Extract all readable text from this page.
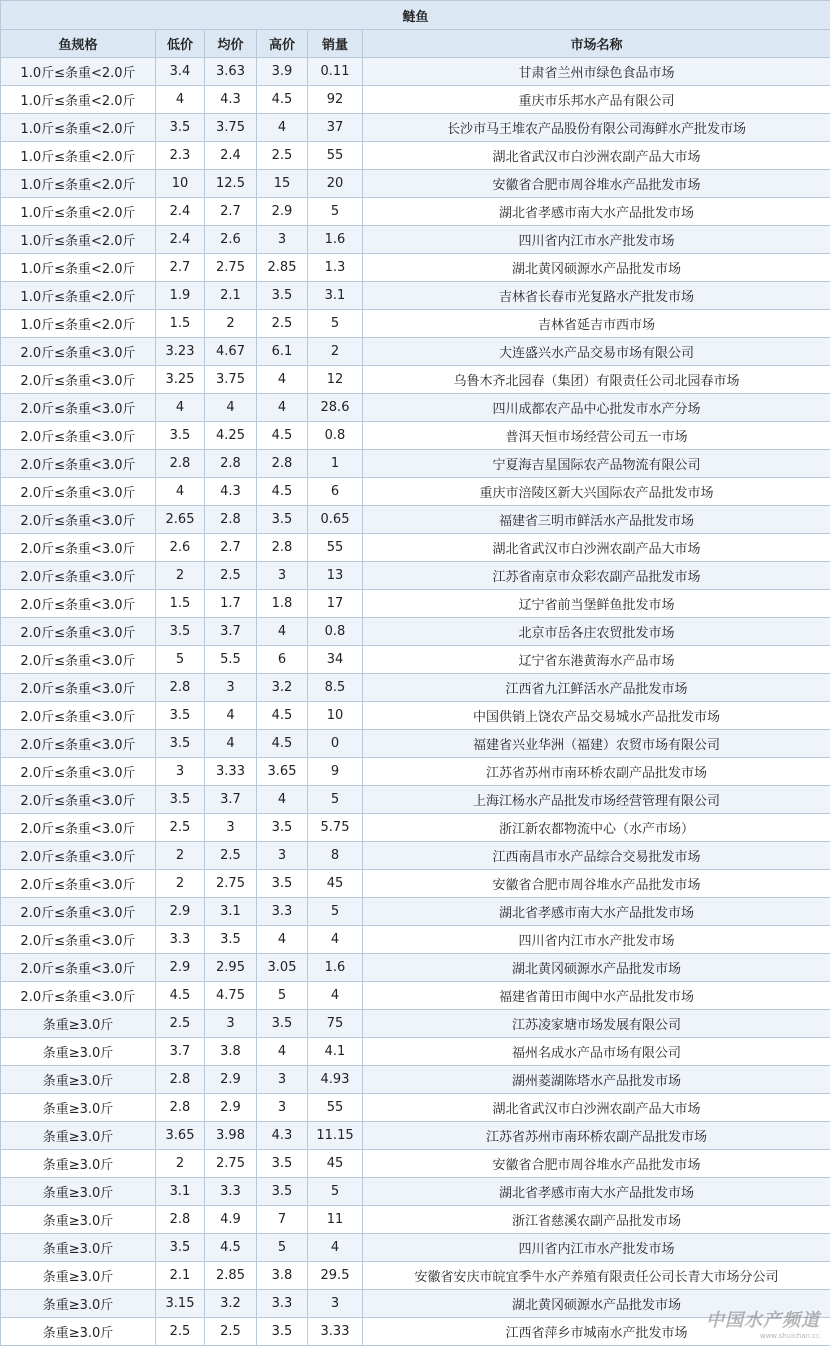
鲢鱼					
鱼规格	低价	均价	高价	销量	市场名称
1.0斤≤条重<2.0斤	3.4	3.63	3.9	0.11	甘肃省兰州市绿色食品市场
1.0斤≤条重<2.0斤	4	4.3	4.5	92	重庆市乐邦水产品有限公司
1.0斤≤条重<2.0斤	3.5	3.75	4	37	长沙市马王堆农产品股份有限公司海鲜水产批发市场
1.0斤≤条重<2.0斤	2.3	2.4	2.5	55	湖北省武汉市白沙洲农副产品大市场
1.0斤≤条重<2.0斤	10	12.5	15	20	安徽省合肥市周谷堆水产品批发市场
1.0斤≤条重<2.0斤	2.4	2.7	2.9	5	湖北省孝感市南大水产品批发市场
1.0斤≤条重<2.0斤	2.4	2.6	3	1.6	四川省内江市水产批发市场
1.0斤≤条重<2.0斤	2.7	2.75	2.85	1.3	湖北黄冈硕源水产品批发市场
1.0斤≤条重<2.0斤	1.9	2.1	3.5	3.1	吉林省长春市光复路水产批发市场
1.0斤≤条重<2.0斤	1.5	2	2.5	5	吉林省延吉市西市场
2.0斤≤条重<3.0斤	3.23	4.67	6.1	2	大连盛兴水产品交易市场有限公司
2.0斤≤条重<3.0斤	3.25	3.75	4	12	乌鲁木齐北园春（集团）有限责任公司北园春市场
2.0斤≤条重<3.0斤	4	4	4	28.6	四川成都农产品中心批发市水产分场
2.0斤≤条重<3.0斤	3.5	4.25	4.5	0.8	普洱天恒市场经营公司五一市场
2.0斤≤条重<3.0斤	2.8	2.8	2.8	1	宁夏海吉星国际农产品物流有限公司
2.0斤≤条重<3.0斤	4	4.3	4.5	6	重庆市涪陵区新大兴国际农产品批发市场
2.0斤≤条重<3.0斤	2.65	2.8	3.5	0.65	福建省三明市鲜活水产品批发市场
2.0斤≤条重<3.0斤	2.6	2.7	2.8	55	湖北省武汉市白沙洲农副产品大市场
2.0斤≤条重<3.0斤	2	2.5	3	13	江苏省南京市众彩农副产品批发市场
2.0斤≤条重<3.0斤	1.5	1.7	1.8	17	辽宁省前当堡鲜鱼批发市场
2.0斤≤条重<3.0斤	3.5	3.7	4	0.8	北京市岳各庄农贸批发市场
2.0斤≤条重<3.0斤	5	5.5	6	34	辽宁省东港黄海水产品市场
2.0斤≤条重<3.0斤	2.8	3	3.2	8.5	江西省九江鲜活水产品批发市场
2.0斤≤条重<3.0斤	3.5	4	4.5	10	中国供销上饶农产品交易城水产品批发市场
2.0斤≤条重<3.0斤	3.5	4	4.5	0	福建省兴业华洲（福建）农贸市场有限公司
2.0斤≤条重<3.0斤	3	3.33	3.65	9	江苏省苏州市南环桥农副产品批发市场
2.0斤≤条重<3.0斤	3.5	3.7	4	5	上海江杨水产品批发市场经营管理有限公司
2.0斤≤条重<3.0斤	2.5	3	3.5	5.75	浙江新农都物流中心（水产市场）
2.0斤≤条重<3.0斤	2	2.5	3	8	江西南昌市水产品综合交易批发市场
2.0斤≤条重<3.0斤	2	2.75	3.5	45	安徽省合肥市周谷堆水产品批发市场
2.0斤≤条重<3.0斤	2.9	3.1	3.3	5	湖北省孝感市南大水产品批发市场
2.0斤≤条重<3.0斤	3.3	3.5	4	4	四川省内江市水产批发市场
2.0斤≤条重<3.0斤	2.9	2.95	3.05	1.6	湖北黄冈硕源水产品批发市场
2.0斤≤条重<3.0斤	4.5	4.75	5	4	福建省莆田市闽中水产品批发市场
条重≥3.0斤	2.5	3	3.5	75	江苏凌家塘市场发展有限公司
条重≥3.0斤	3.7	3.8	4	4.1	福州名成水产品市场有限公司
条重≥3.0斤	2.8	2.9	3	4.93	湖州菱湖陈塔水产品批发市场
条重≥3.0斤	2.8	2.9	3	55	湖北省武汉市白沙洲农副产品大市场
条重≥3.0斤	3.65	3.98	4.3	11.15	江苏省苏州市南环桥农副产品批发市场
条重≥3.0斤	2	2.75	3.5	45	安徽省合肥市周谷堆水产品批发市场
条重≥3.0斤	3.1	3.3	3.5	5	湖北省孝感市南大水产品批发市场
条重≥3.0斤	2.8	4.9	7	11	浙江省慈溪农副产品批发市场
条重≥3.0斤	3.5	4.5	5	4	四川省内江市水产批发市场
条重≥3.0斤	2.1	2.85	3.8	29.5	安徽省安庆市皖宜季牛水产养殖有限责任公司长青大市场分公司
条重≥3.0斤	3.15	3.2	3.3	3	湖北黄冈硕源水产品批发市场
条重≥3.0斤	2.5	2.5	3.5	3.33	江西省萍乡市城南水产批发市场
中国水产频道
www.shuichan.cc
